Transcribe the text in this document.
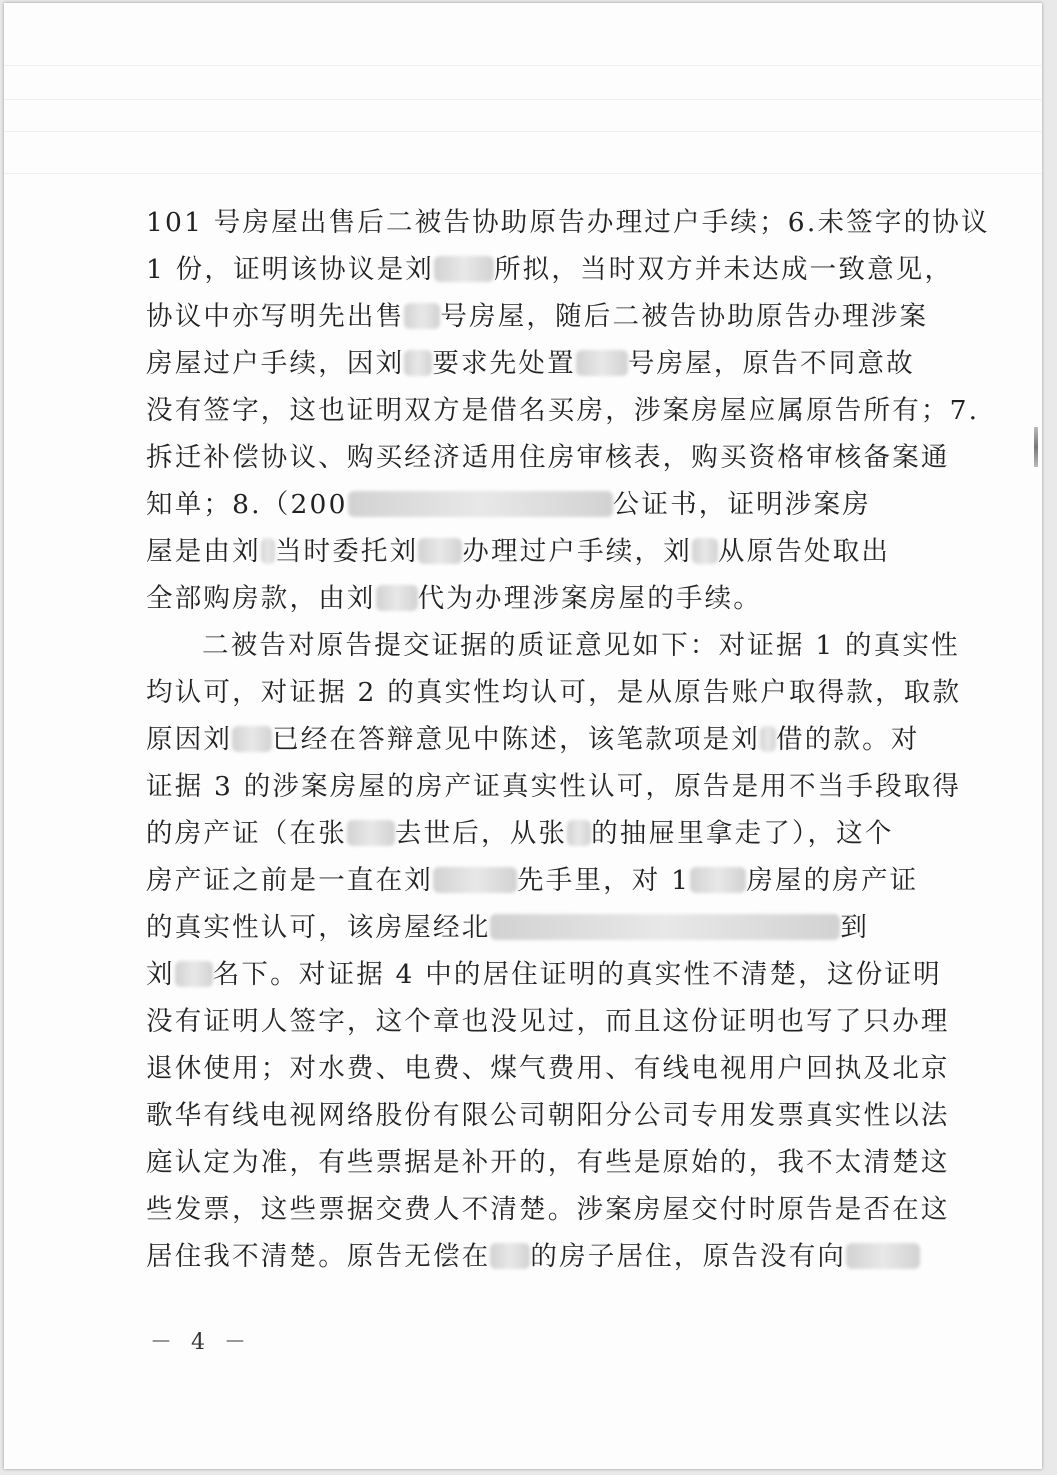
101 号房屋出售后二被告协助原告办理过户手续；6.未签字的协议
1 份，证明该协议是刘 所拟，当时双方并未达成一致意见，
协议中亦写明先出售 号房屋，随后二被告协助原告办理涉案
房屋过户手续，因刘 要求先处置 号房屋，原告不同意故
没有签字，这也证明双方是借名买房，涉案房屋应属原告所有；7.
拆迁补偿协议、购买经济适用住房审核表，购买资格审核备案通
知单；8.（200	公证书，证明涉案房
屋是由刘 当时委托刘 办理过户手续，刘 从原告处取出
全部购房款，由刘 代为办理涉案房屋的手续。
二被告对原告提交证据的质证意见如下：对证据 1 的真实性
均认可，对证据 2 的真实性均认可，是从原告账户取得款，取款
原因刘 已经在答辩意见中陈述，该笔款项是刘 借的款。对
证据 3 的涉案房屋的房产证真实性认可，原告是用不当手段取得
的房产证（在张 去世后，从张 的抽屉里拿走了），这个
房产证之前是一直在刘	先手里，对 1 房屋的房产证
的真实性认可，该房屋经北	到
刘 名下。对证据 4 中的居住证明的真实性不清楚，这份证明
没有证明人签字，这个章也没见过，而且这份证明也写了只办理
退休使用；对水费、电费、煤气费用、有线电视用户回执及北京
歌华有线电视网络股份有限公司朝阳分公司专用发票真实性以法
庭认定为准，有些票据是补开的，有些是原始的，我不太清楚这
些发票，这些票据交费人不清楚。涉案房屋交付时原告是否在这
居住我不清楚。原告无偿在 的房子居住，原告没有向
－ 4 －
